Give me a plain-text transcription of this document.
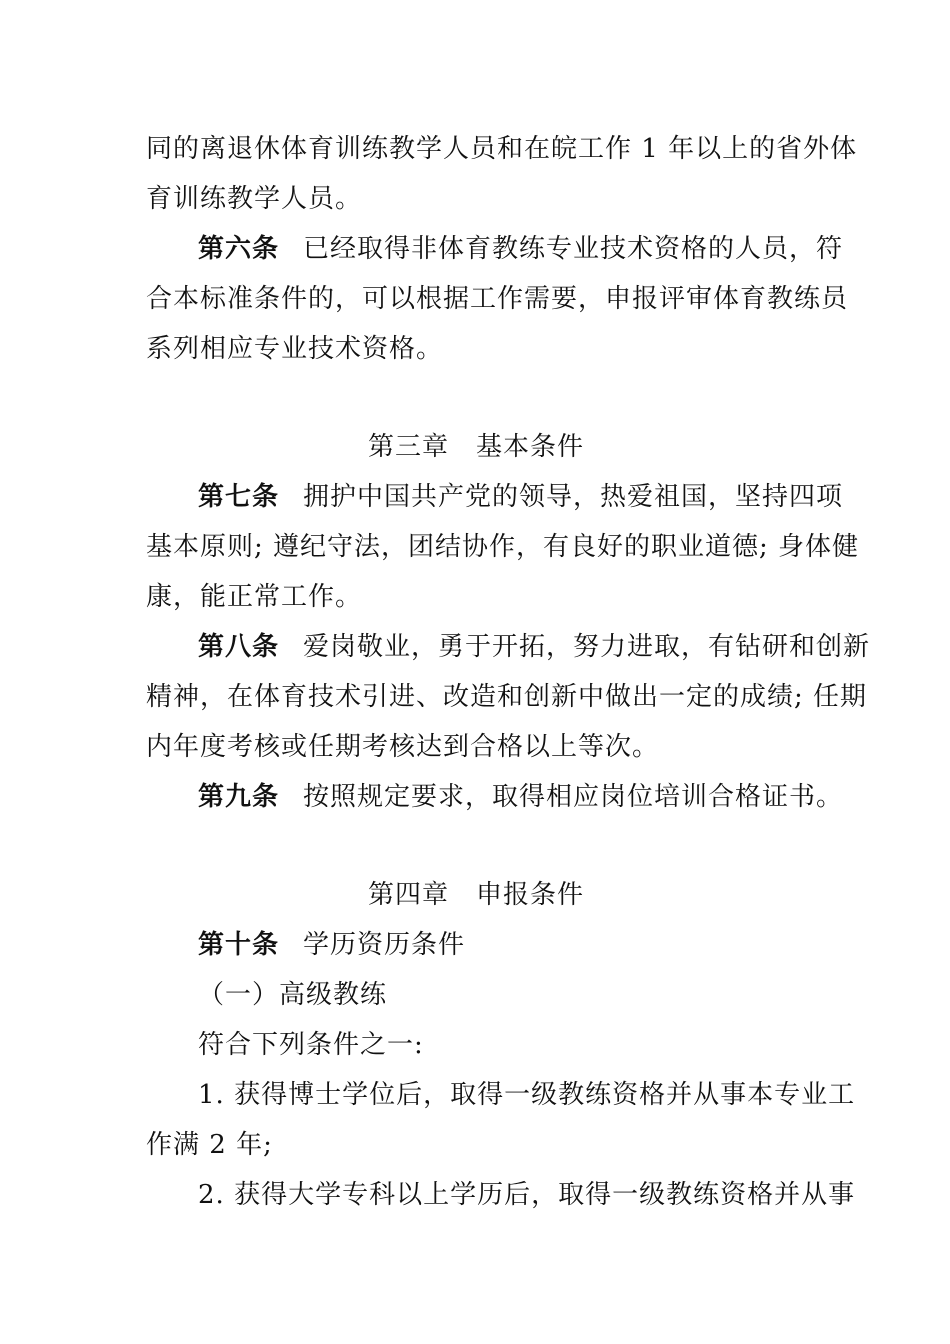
同的离退休体育训练教学人员和在皖工作 1 年以上的省外体
育训练教学人员。
第六条 已经取得非体育教练专业技术资格的人员，符
合本标准条件的，可以根据工作需要，申报评审体育教练员
系列相应专业技术资格。
第三章　基本条件
第七条 拥护中国共产党的领导，热爱祖国，坚持四项
基本原则; 遵纪守法，团结协作，有良好的职业道德; 身体健
康，能正常工作。
第八条 爱岗敬业，勇于开拓，努力进取，有钻研和创新
精神，在体育技术引进、改造和创新中做出一定的成绩; 任期
内年度考核或任期考核达到合格以上等次。
第九条 按照规定要求，取得相应岗位培训合格证书。
第四章　申报条件
第十条 学历资历条件
（一）高级教练
符合下列条件之一:
1. 获得博士学位后，取得一级教练资格并从事本专业工
作满 2 年;
2. 获得大学专科以上学历后，取得一级教练资格并从事
